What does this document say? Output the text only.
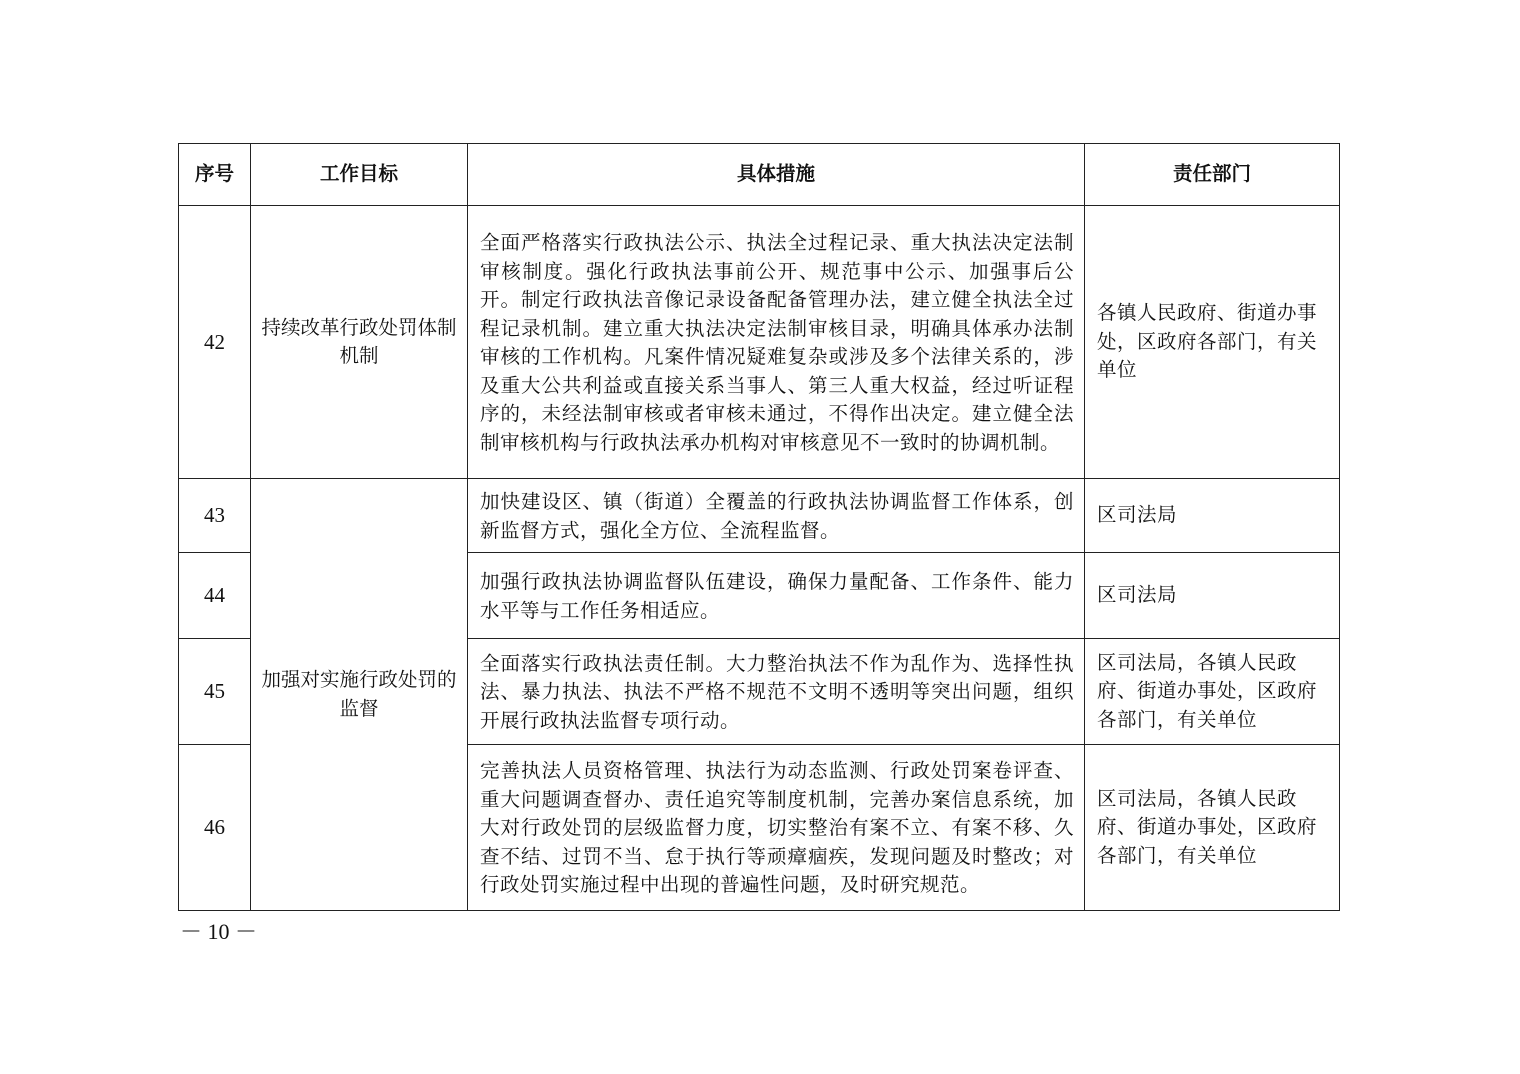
序号	工作目标	具体措施	责任部门
42	持续改革行政处罚体制机制	全面严格落实行政执法公示、执法全过程记录、重大执法决定法制审核制度。强化行政执法事前公开、规范事中公示、加强事后公开。制定行政执法音像记录设备配备管理办法，建立健全执法全过程记录机制。建立重大执法决定法制审核目录，明确具体承办法制审核的工作机构。凡案件情况疑难复杂或涉及多个法律关系的，涉及重大公共利益或直接关系当事人、第三人重大权益，经过听证程序的，未经法制审核或者审核未通过，不得作出决定。建立健全法制审核机构与行政执法承办机构对审核意见不一致时的协调机制。	各镇人民政府、街道办事处，区政府各部门，有关单位
43	加强对实施行政处罚的监督	加快建设区、镇（街道）全覆盖的行政执法协调监督工作体系，创新监督方式，强化全方位、全流程监督。	区司法局
44		加强行政执法协调监督队伍建设，确保力量配备、工作条件、能力水平等与工作任务相适应。	区司法局
45		全面落实行政执法责任制。大力整治执法不作为乱作为、选择性执法、暴力执法、执法不严格不规范不文明不透明等突出问题，组织开展行政执法监督专项行动。	区司法局，各镇人民政府、街道办事处，区政府各部门，有关单位
46		完善执法人员资格管理、执法行为动态监测、行政处罚案卷评查、重大问题调查督办、责任追究等制度机制，完善办案信息系统，加大对行政处罚的层级监督力度，切实整治有案不立、有案不移、久查不结、过罚不当、怠于执行等顽瘴痼疾，发现问题及时整改；对行政处罚实施过程中出现的普遍性问题，及时研究规范。	区司法局，各镇人民政府、街道办事处，区政府各部门，有关单位
－ 10 －
